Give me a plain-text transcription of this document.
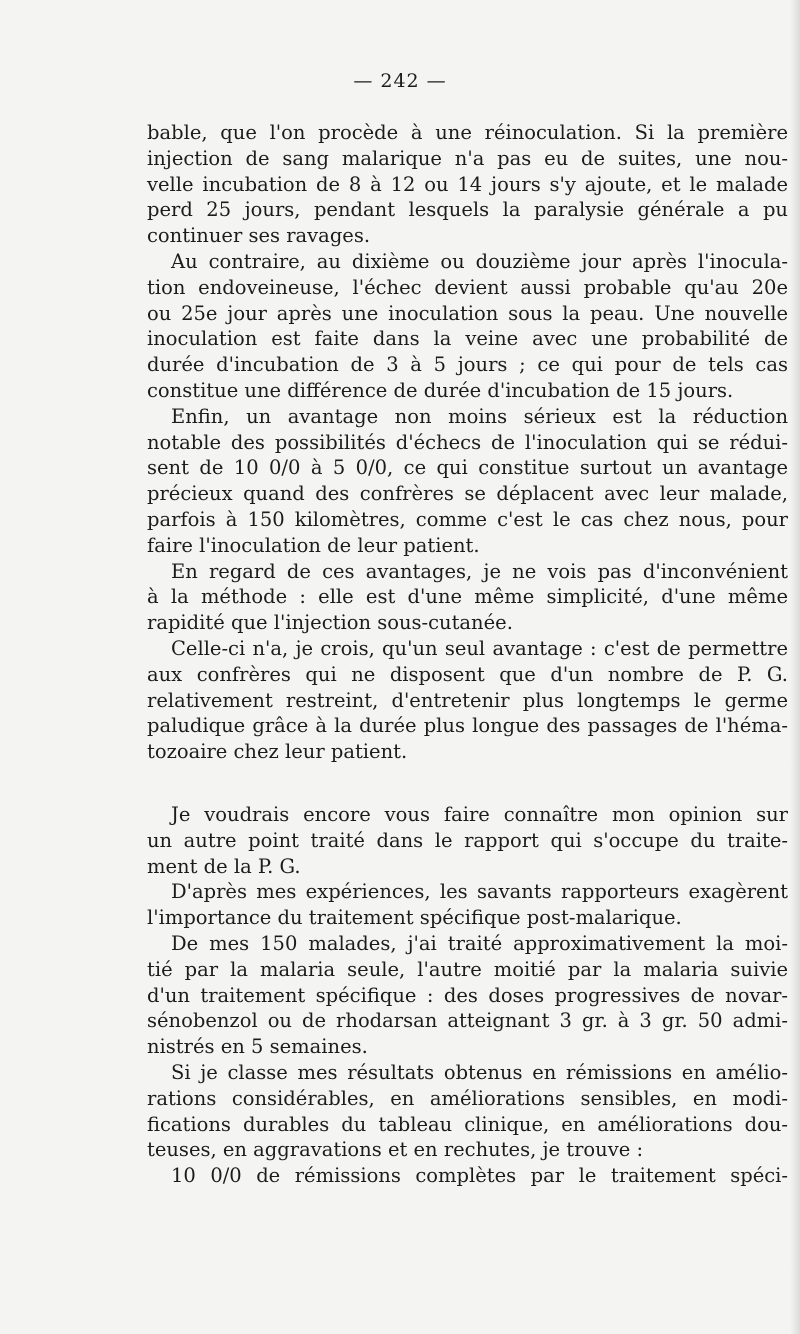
— 242 —

bable, que l'on procède à une réinoculation. Si la première

injection de sang malarique n'a pas eu de suites, une nou-

velle incubation de 8 à 12 ou 14 jours s'y ajoute, et le malade

perd 25 jours, pendant lesquels la paralysie générale a pu

continuer ses ravages.

Au contraire, au dixième ou douzième jour après l'inocula-

tion endoveineuse, l'échec devient aussi probable qu'au 20e

ou 25e jour après une inoculation sous la peau. Une nouvelle

inoculation est faite dans la veine avec une probabilité de

durée d'incubation de 3 à 5 jours ; ce qui pour de tels cas

constitue une différence de durée d'incubation de 15 jours.

Enfin, un avantage non moins sérieux est la réduction

notable des possibilités d'échecs de l'inoculation qui se rédui-

sent de 10 0/0 à 5 0/0, ce qui constitue surtout un avantage

précieux quand des confrères se déplacent avec leur malade,

parfois à 150 kilomètres, comme c'est le cas chez nous, pour

faire l'inoculation de leur patient.

En regard de ces avantages, je ne vois pas d'inconvénient

à la méthode : elle est d'une même simplicité, d'une même

rapidité que l'injection sous-cutanée.

Celle-ci n'a, je crois, qu'un seul avantage : c'est de permettre

aux confrères qui ne disposent que d'un nombre de P. G.

relativement restreint, d'entretenir plus longtemps le germe

paludique grâce à la durée plus longue des passages de l'héma-

tozoaire chez leur patient.

Je voudrais encore vous faire connaître mon opinion sur

un autre point traité dans le rapport qui s'occupe du traite-

ment de la P. G.

D'après mes expériences, les savants rapporteurs exagèrent

l'importance du traitement spécifique post-malarique.

De mes 150 malades, j'ai traité approximativement la moi-

tié par la malaria seule, l'autre moitié par la malaria suivie

d'un traitement spécifique : des doses progressives de novar-

sénobenzol ou de rhodarsan atteignant 3 gr. à 3 gr. 50 admi-

nistrés en 5 semaines.

Si je classe mes résultats obtenus en rémissions en amélio-

rations considérables, en améliorations sensibles, en modi-

fications durables du tableau clinique, en améliorations dou-

teuses, en aggravations et en rechutes, je trouve :

10 0/0 de rémissions complètes par le traitement spéci-
